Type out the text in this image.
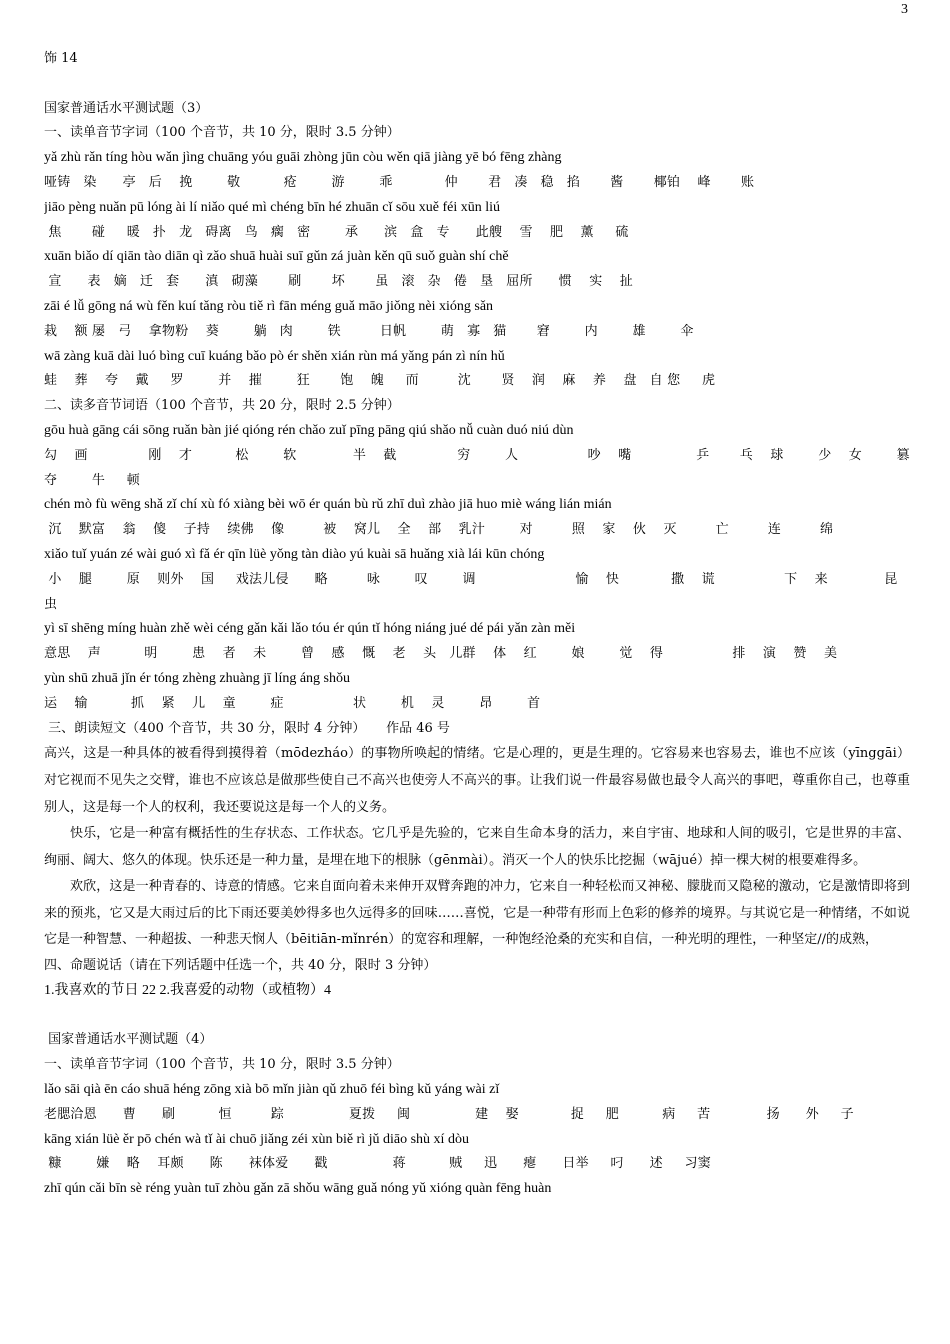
3
饰 14
国家普通话水平测试题（3）
一、读单音节字词（100 个音节，共 10 分，限时 3.5 分钟）
yǎ zhù rǎn tíng hòu wǎn jìng chuāng yóu guāi zhòng jūn còu wěn qiā jiàng yē bó fēng zhàng
哑铸   染      亭   后    挽        敬          疮        游        乖            仲       君   凑   稳   掐       酱       椰铂    峰       账
jiāo pèng nuǎn pū lóng ài lí niǎo qué mì chéng bīn hé zhuān cǐ sōu xuě féi xūn liú
焦       碰     暖   扑   龙   碍离   鸟   瘸   密        承      滨   盒   专      此艘    雪    肥    薰     硫
xuān biǎo dí qiān tào diān qì zǎo shuā huài suī gǔn zá juàn kěn qū suǒ guàn shí chě
宣      表   嫡   迁   套      滇   砌藻       刷       坏       虽   滚   杂   倦   垦   屈所      惯    实    扯
zāi é lǚ gōng ná wù fěn kuí tǎng ròu tiě rì fān méng guǎ māo jiǒng nèi xióng sǎn
栽    额 屡   弓    拿物粉    葵        躺   肉        铁         日帆        萌   寡   猫       窘        内        雄        伞
wā zàng kuā dài luó bìng cuī kuáng bǎo pò ér shěn xián rùn má yǎng pán zì nín hǔ
蛙    葬    夸    戴     罗        并    摧        狂       饱    魄     而         沈       贤    润    麻    养    盘   自 您     虎
二、读多音节词语（100 个音节，共 20 分，限时 2.5 分钟）
gōu huà gāng cái sōng ruǎn bàn jié qióng rén chǎo zuǐ pīng pāng qiú shǎo nǚ cuàn duó niú dùn
勾    画              刚    才          松        软             半    截              穷        人                吵    嘴               乒       乓    球        少    女        篡
夺        牛     顿
chén mò fù wēng shǎ zǐ chí xù fó xiàng bèi wō ér quán bù rǔ zhī duì zhào jiā huo miè wáng lián mián
沉    默富    翁    傻    子持    续佛    像         被    窝儿    全    部    乳汁        对         照    家    伙    灭         亡         连         绵
xiǎo tuǐ yuán zé wài guó xì fǎ ér qīn lüè yǒng tàn diào yú kuài sā huǎng xià lái kūn chóng
小    腿        原    则外    国     戏法儿侵      略         咏        叹        调                       愉    快            撒    谎                下    来             昆
虫
yì sī shēng míng huàn zhě wèi céng gǎn kǎi lǎo tóu ér qún tǐ hóng niáng jué dé pái yǎn zàn měi
意思    声          明        患    者    未        曾    感    慨    老    头   儿群    体    红        娘        觉    得                排    演    赞    美
yùn shū zhuā jǐn ér tóng zhèng zhuàng jī líng áng shǒu
运    输          抓    紧    儿    童        症                状        机    灵        昂        首
三、朗读短文（400 个音节，共 30 分，限时 4 分钟）     作品 46 号
高兴，这是一种具体的被看得到摸得着（mōdezháo）的事物所唤起的情绪。它是心理的，更是生理的。它容易来也容易去，谁也不应该（yīnggāi）对它视而不见失之交臂，谁也不应该总是做那些使自己不高兴也使旁人不高兴的事。让我们说一件最容易做也最令人高兴的事吧，尊重你自己，也尊重别人，这是每一个人的权利，我还要说这是每一个人的义务。
快乐，它是一种富有概括性的生存状态、工作状态。它几乎是先验的，它来自生命本身的活力，来自宇宙、地球和人间的吸引，它是世界的丰富、绚丽、阔大、悠久的体现。快乐还是一种力量，是埋在地下的根脉（gēnmài）。消灭一个人的快乐比挖掘（wājué）掉一棵大树的根要难得多。
欢欣，这是一种青春的、诗意的情感。它来自面向着未来伸开双臂奔跑的冲力，它来自一种轻松而又神秘、朦胧而又隐秘的激动，它是激情即将到来的预兆，它又是大雨过后的比下雨还要美妙得多也久远得多的回味……喜悦，它是一种带有形而上色彩的修养的境界。与其说它是一种情绪，不如说它是一种智慧、一种超拔、一种悲天悯人（bēitiān-mǐnrén）的宽容和理解，一种饱经沧桑的充实和自信，一种光明的理性，一种坚定//的成熟，
四、命题说话（请在下列话题中任选一个，共 40 分，限时 3 分钟）
1.我喜欢的节日 22 2.我喜爱的动物（或植物）4
国家普通话水平测试题（4）
一、读单音节字词（100 个音节，共 10 分，限时 3.5 分钟）
lǎo sāi qià ēn cáo shuā héng zōng xià bō mǐn jiàn qǔ zhuō féi bìng kǔ yáng wài zǐ
老腮洽恩      曹      刷          恒         踪               夏拨     闽               建    娶            捉     肥          病     苦             扬      外     子
kāng xián lüè ěr pō chén wà tǐ ài chuō jiǎng zéi xùn biě rì jǔ diāo shù xí dòu
糠        嫌    略    耳颇      陈      袜体爱      戳               蒋          贼     迅      瘪      日举     叼      述     习窦
zhī qún cǎi bīn sè réng yuàn tuī zhòu gǎn zā shǒu wāng guǎ nóng yǔ xióng quàn fēng huàn
